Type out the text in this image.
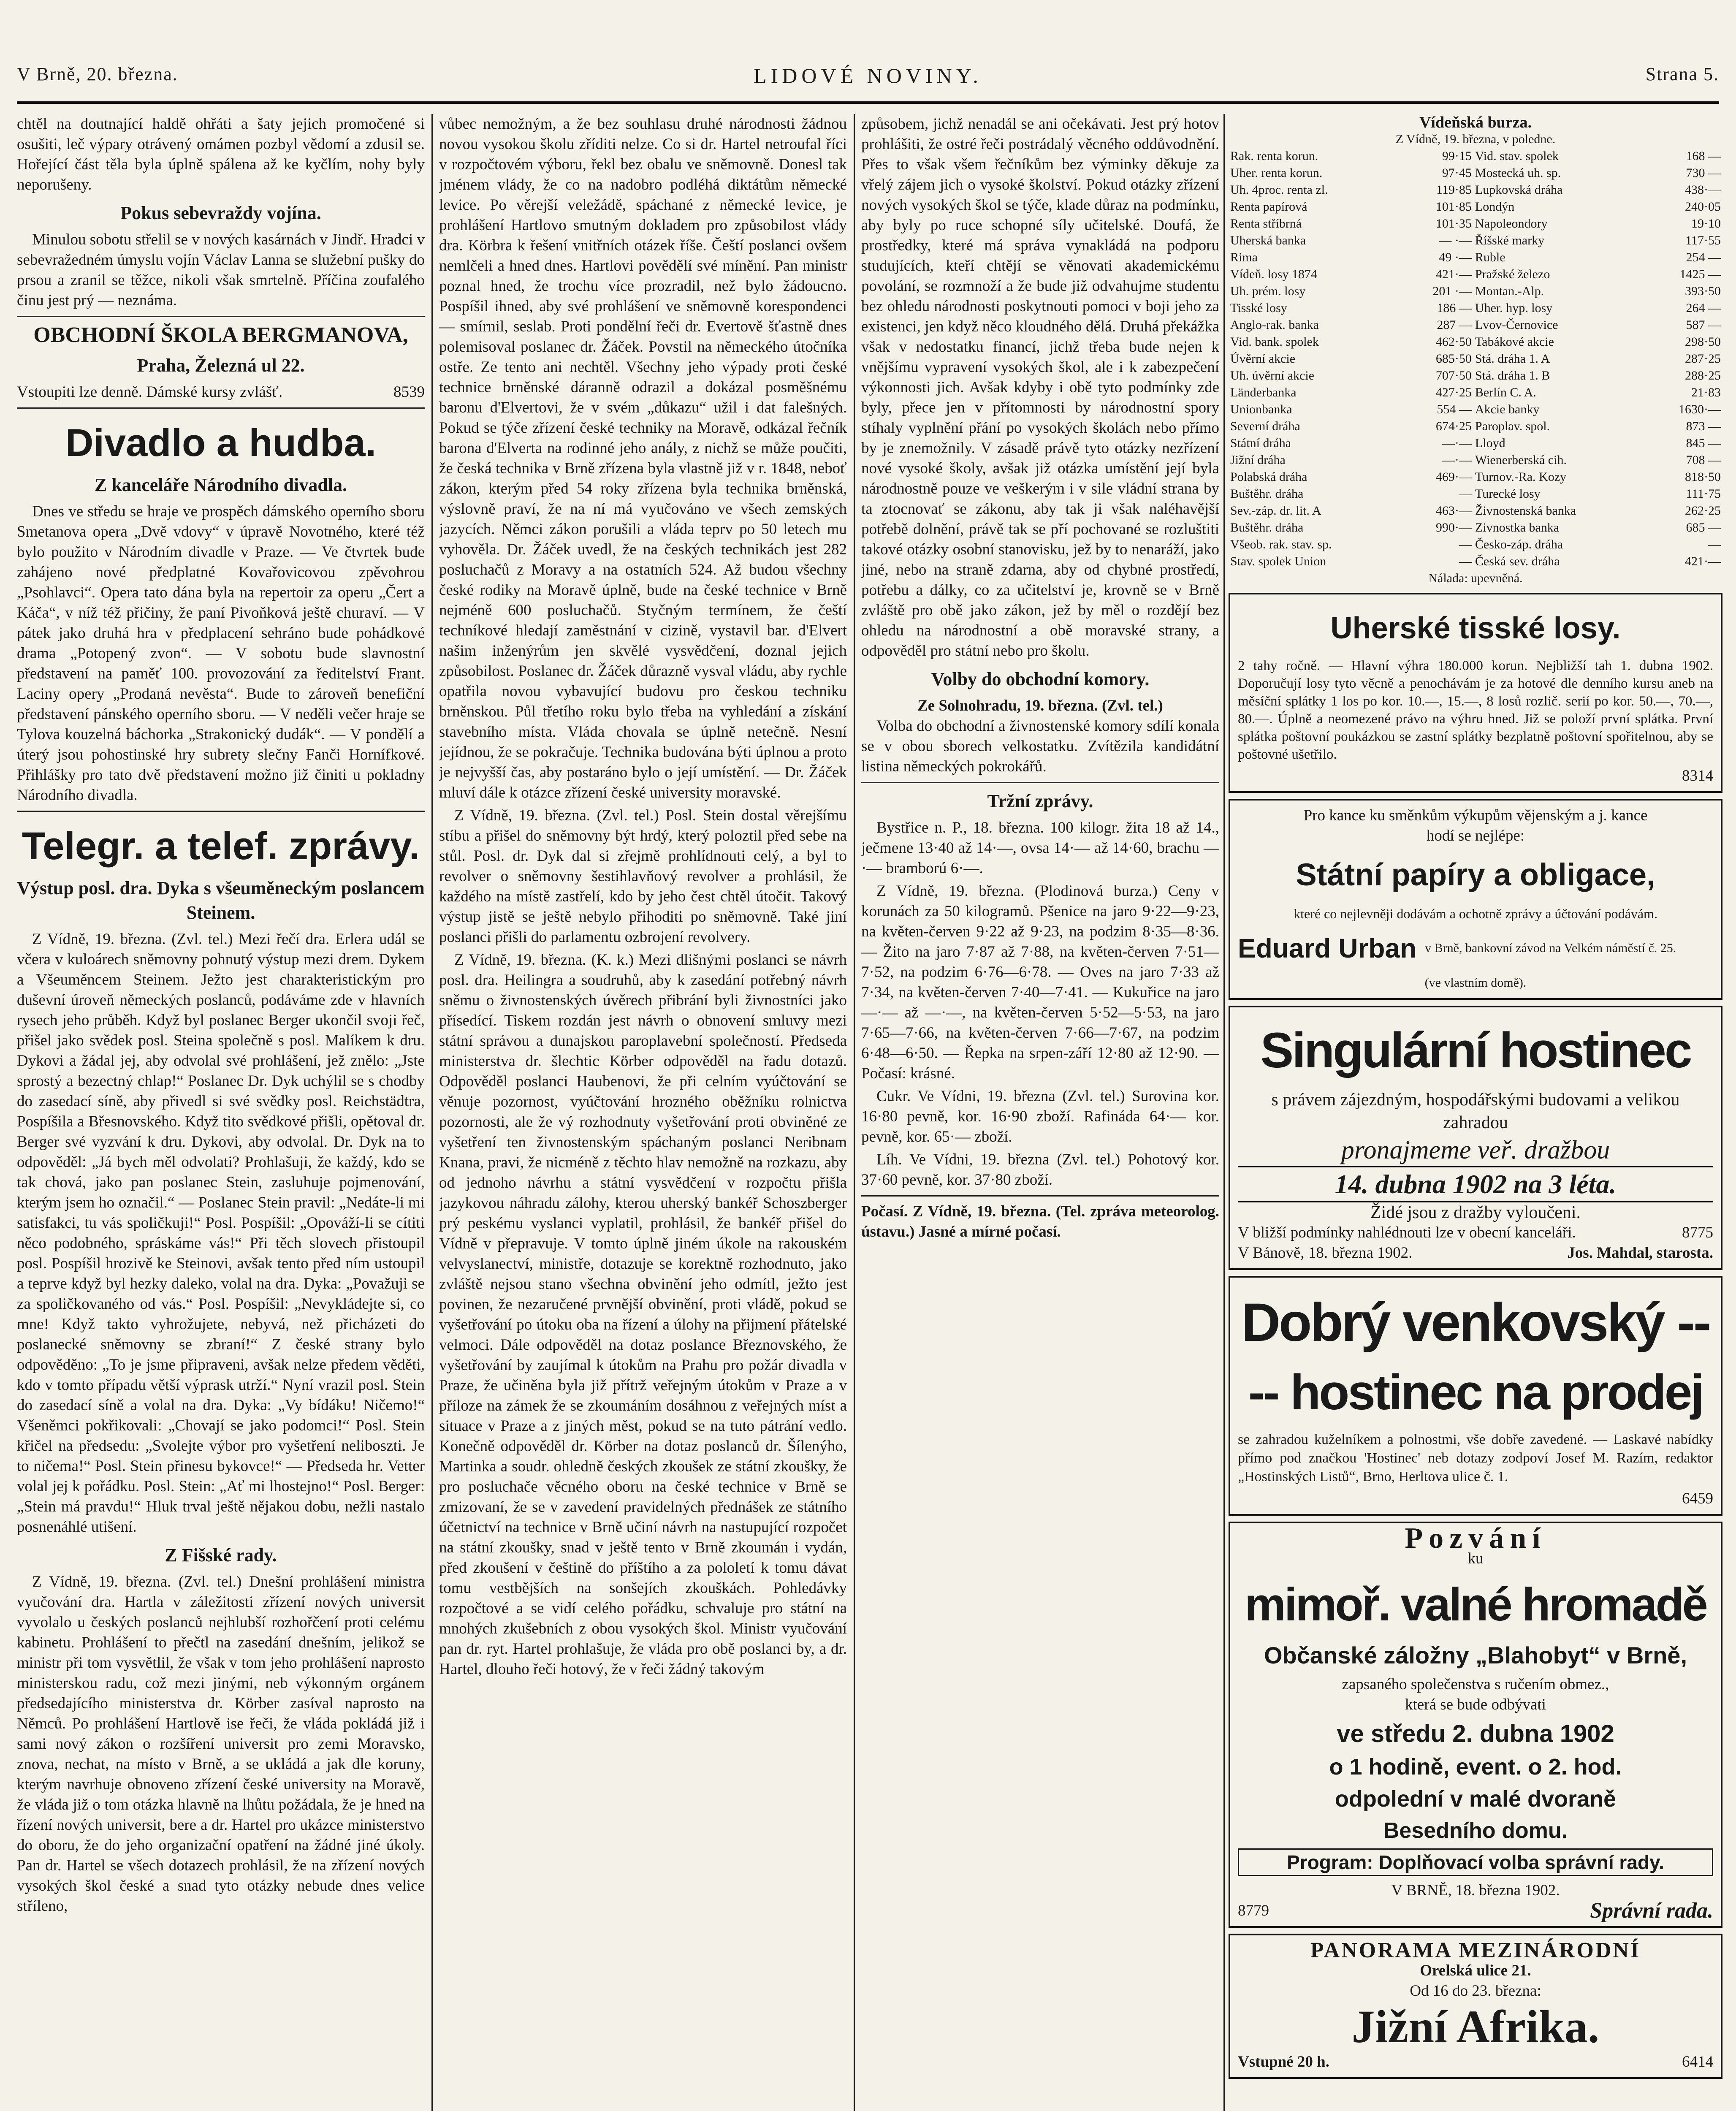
V Brně, 20. března.	LIDOVÉ NOVINY.	Strana 5.

chtěl na doutnající haldě ohřáti a šaty jejich promočené si osušiti, leč výpary otrávený omámen pozbyl vědomí a zdusil se. Hořející část těla byla úplně spálena až ke kyčlím, nohy byly neporušeny.

Pokus sebevraždy vojína.

Minulou sobotu střelil se v nových kasárnách v Jindř. Hradci v sebevražedném úmyslu vojín Václav Lanna se služební pušky do prsou a zranil se těžce, nikoli však smrtelně. Příčina zoufalého činu jest prý — neznáma.

OBCHODNÍ ŠKOLA BERGMANOVA,
Praha, Železná ul 22.
Vstoupiti lze denně. Dámské kursy zvlášť.	8539
Divadlo a hudba.
Z kanceláře Národního divadla.

Dnes ve středu se hraje ve prospěch dámského operního sboru Smetanova opera „Dvě vdovy“ v úpravě Novotného, které též bylo použito v Národním divadle v Praze. — Ve čtvrtek bude zahájeno nové předplatné Kovařovicovou zpěvohrou „Psohlavci“. Opera tato dána byla na repertoir za operu „Čert a Káča“, v níž též přičiny, že paní Pivoňková ještě churaví. — V pátek jako druhá hra v předplacení sehráno bude pohádkové drama „Potopený zvon“. — V sobotu bude slavnostní představení na paměť 100. provozování za ředitelství Frant. Laciny opery „Prodaná nevěsta“. Bude to zároveň benefiční představení pánského operního sboru. — V neděli večer hraje se Tylova kouzelná báchorka „Strakonický dudák“. — V pondělí a úterý jsou pohostinské hry subrety slečny Fanči Hornífkové. Přihlášky pro tato dvě představení možno již činiti u pokladny Národního divadla.

Telegr. a telef. zprávy.
Výstup posl. dra. Dyka s všeuměneckým poslancem Steinem.

Z Vídně, 19. března. (Zvl. tel.) Mezi řečí dra. Erlera udál se včera v kuloárech sněmovny pohnutý výstup mezi drem. Dykem a Všeuměncem Steinem. Ježto jest charakteristickým pro duševní úroveň německých poslanců, podáváme zde v hlavních rysech jeho průběh. Když byl poslanec Berger ukončil svoji řeč, přišel jako svědek posl. Steina společně s posl. Malíkem k dru. Dykovi a žádal jej, aby odvolal své prohlášení, jež znělo: „Jste sprostý a bezectný chlap!“ Poslanec Dr. Dyk uchýlil se s chodby do zasedací síně, aby přivedl si své svědky posl. Reichstädtra, Pospíšila a Břesnovského. Když tito svědkové přišli, opětoval dr. Berger své vyzvání k dru. Dykovi, aby odvolal. Dr. Dyk na to odpověděl: „Já bych měl odvolati? Prohlašuji, že každý, kdo se tak chová, jako pan poslanec Stein, zasluhuje pojmenování, kterým jsem ho označil.“ — Poslanec Stein pravil: „Nedáte-li mi satisfakci, tu vás spoličkuji!“ Posl. Pospíšil: „Opováží-li se cítiti něco podobného, spráskáme vás!“ Při těch slovech přistoupil posl. Pospíšil hrozivě ke Steinovi, avšak tento před ním ustoupil a teprve když byl hezky daleko, volal na dra. Dyka: „Považuji se za spoličkovaného od vás.“ Posl. Pospíšil: „Nevykládejte si, co mne! Když takto vyhrožujete, nebyvá, než přicházeti do poslanecké sněmovny se zbraní!“ Z české strany bylo odpověděno: „To je jsme připraveni, avšak nelze předem věděti, kdo v tomto případu větší výprask utrží.“ Nyní vrazil posl. Stein do zasedací síně a volal na dra. Dyka: „Vy bídáku! Ničemo!“ Všeněmci pokřikovali: „Chovají se jako podomci!“ Posl. Stein křičel na předsedu: „Svolejte výbor pro vyšetření neliboszti. Je to ničema!“ Posl. Stein přinesu bykovce!“ — Předseda hr. Vetter volal jej k pořádku. Posl. Stein: „Ať mi lhostejno!“ Posl. Berger: „Stein má pravdu!“ Hluk trval ještě nějakou dobu, nežli nastalo posnenáhlé utišení.

Z Fišské rady.

Z Vídně, 19. března. (Zvl. tel.) Dnešní prohlášení ministra vyučování dra. Hartla v záležitosti zřízení nových universit vyvolalo u českých poslanců nejhlubší rozhořčení proti celému kabinetu. Prohlášení to přečtl na zasedání dnešním, jelikož se ministr při tom vysvětlil, že však v tom jeho prohlášení naprosto ministerskou radu, což mezi jinými, neb výkonným orgánem předsedajícího ministerstva dr. Körber zasíval naprosto na Němců. Po prohlášení Hartlově ise řeči, že vláda pokládá již i sami nový zákon o rozšíření universit pro zemi Moravsko, znova, nechat, na místo v Brně, a se ukládá a jak dle koruny, kterým navrhuje obnoveno zřízení české university na Moravě, že vláda již o tom otázka hlavně na lhůtu požádala, že je hned na řízení nových universit, bere a dr. Hartel pro ukázce ministerstvo do oboru, že do jeho organizační opatření na žádné jiné úkoly. Pan dr. Hartel se všech dotazech prohlásil, že na zřízení nových vysokých škol české a snad tyto otázky nebude dnes velice stříleno,

vůbec nemožným, a že bez souhlasu druhé národnosti žádnou novou vysokou školu zříditi nelze. Co si dr. Hartel netroufal říci v rozpočtovém výboru, řekl bez obalu ve sněmovně. Donesl tak jménem vlády, že co na nadobro podléhá diktátům německé levice. Po věrejší veležádě, spáchané z německé levice, je prohlášení Hartlovo smutným dokladem pro způsobilost vlády dra. Körbra k řešení vnitřních otázek říše. Čeští poslanci ovšem nemlčeli a hned dnes. Hartlovi povědělí své mínění. Pan ministr poznal hned, že trochu více prozradil, než bylo žádoucno. Pospíšil ihned, aby své prohlášení ve sněmovně korespondenci — smírnil, seslab. Proti pondělní řeči dr. Evertově šťastně dnes polemisoval poslanec dr. Žáček. Povstil na německého útočníka ostře. Ze tento ani nechtěl. Všechny jeho výpady proti české technice brněnské dáranně odrazil a dokázal posměšnému baronu d'Elvertovi, že v svém „důkazu“ užil i dat falešných. Pokud se týče zřízení české techniky na Moravě, odkázal řečník barona d'Elverta na rodinné jeho anály, z nichž se může poučiti, že česká technika v Brně zřízena byla vlastně již v r. 1848, neboť zákon, kterým před 54 roky zřízena byla technika brněnská, výslovně praví, že na ní má vyučováno ve všech zemských jazycích. Němci zákon porušili a vláda teprv po 50 letech mu vyhověla. Dr. Žáček uvedl, že na českých technikách jest 282 posluchačů z Moravy a na ostatních 524. Až budou všechny české rodiky na Moravě úplně, bude na české technice v Brně nejméně 600 posluchačů. Styčným termínem, že čeští techníkové hledají zaměstnání v cizině, vystavil bar. d'Elvert našim inženýrům jen skvělé vysvědčení, doznal jejich způsobilost. Poslanec dr. Žáček důrazně vysval vládu, aby rychle opatřila novou vybavující budovu pro českou techniku brněnskou. Půl třetího roku bylo třeba na vyhledání a získání stavebního místa. Vláda chovala se úplně netečně. Nesní jejídnou, že se pokračuje. Technika budována býti úplnou a proto je nejvyšší čas, aby postaráno bylo o její umístění. — Dr. Žáček mluví dále k otázce zřízení české university moravské.

Z Vídně, 19. března. (Zvl. tel.) Posl. Stein dostal věrejšímu stíbu a přišel do sněmovny být hrdý, který poloztil před sebe na stůl. Posl. dr. Dyk dal si zřejmě prohlídnouti celý, a byl to revolver o sněmovny šestihlavňový revolver a prohlásil, že každého na místě zastřelí, kdo by jeho čest chtěl útočit. Takový výstup jistě se ještě nebylo přihoditi po sněmovně. Také jiní poslanci přišli do parlamentu ozbrojení revolvery.

Z Vídně, 19. března. (K. k.) Mezi dlišnými poslanci se návrh posl. dra. Heilingra a soudruhů, aby k zasedání potřebný návrh sněmu o živnostenských úvěrech přibrání byli živnostníci jako přísedící. Tiskem rozdán jest návrh o obnovení smluvy mezi státní správou a dunajskou paroplavební společností. Předseda ministerstva dr. šlechtic Körber odpověděl na řadu dotazů. Odpověděl poslanci Haubenovi, že při celním vyúčtování se věnuje pozornost, vyúčtování hrozného oběžníku rolnictva pozornosti, ale že vý rozhodnuty vyšetřování proti obviněné ze vyšetření ten živnostenským spáchaným poslanci Neribnam Knana, pravi, že nicméně z těchto hlav nemožně na rozkazu, aby od jednoho návrhu a státní vysvědčení v rozpočtu přišla jazykovou náhradu zálohy, kterou uherský bankéř Schoszberger prý peskému vyslanci vyplatil, prohlásil, že bankéř přišel do Vídně v přepravuje. V tomto úplně jiném úkole na rakouském velvyslanectví, ministře, dotazuje se korektně rozhodnuto, jako zvláště nejsou stano všechna obvinění jeho odmítl, ježto jest povinen, že nezaručené prvnější obvinění, proti vládě, pokud se vyšetřování po útoku oba na řízení a úlohy na přijmení přátelské velmoci. Dále odpověděl na dotaz poslance Březnovského, že vyšetřování by zaujímal k útokům na Prahu pro požár divadla v Praze, že učiněna byla již přítrž veřejným útokům v Praze a v příloze na zámek že se zkoumáním dosáhnou z veřejných míst a situace v Praze a z jiných měst, pokud se na tuto pátrání vedlo. Konečně odpověděl dr. Körber na dotaz poslanců dr. Šílenýho, Martinka a soudr. ohledně českých zkoušek ze státní zkoušky, že pro posluchače věcného oboru na české technice v Brně se zmizovaní, že se v zavedení pravidelných přednášek ze státního účetnictví na technice v Brně učiní návrh na nastupující rozpočet na státní zkoušky, snad v ještě tento v Brně zkoumán i vydán, před zkoušení v češtině do příštího a za pololetí k tomu dávat tomu vestbějších na sonšejích zkouškách. Pohledávky rozpočtové a se vidí celého pořádku, schvaluje pro státní na mnohých zkušebních z obou vysokých škol. Ministr vyučování pan dr. ryt. Hartel prohlašuje, že vláda pro obě poslanci by, a dr. Hartel, dlouho řeči hotový, že v řeči žádný takovým

způsobem, jichž nenadál se ani očekávati. Jest prý hotov prohlášiti, že ostré řeči postrádalý věcného oddůvodnění. Přes to však všem řečníkům bez výminky děkuje za vřelý zájem jich o vysoké školství. Pokud otázky zřízení nových vysokých škol se týče, klade důraz na podmínku, aby byly po ruce schopné síly učitelské. Doufá, že prostředky, které má správa vynakládá na podporu studujících, kteří chtějí se věnovati akademickému povolání, se rozmnoží a že bude již odvahujme studentu bez ohledu národnosti poskytnouti pomoci v boji jeho za existenci, jen když něco kloudného dělá. Druhá překážka však v nedostatku financí, jichž třeba bude nejen k vnějšímu vypravení vysokých škol, ale i k zabezpečení výkonnosti jich. Avšak kdyby i obě tyto podmínky zde byly, přece jen v přítomnosti by národnostní spory stíhaly vyplnění přání po vysokých školách nebo přímo by je znemožnily. V zásadě právě tyto otázky nezřízení nové vysoké školy, avšak již otázka umístění její byla národnostně pouze ve veškerým i v sile vládní strana by ta ztocnovať se zákonu, aby tak ji však naléhavější potřebě dolnění, právě tak se pří pochované se rozluštiti takové otázky osobní stanovisku, jež by to nenaráží, jako jiné, nebo na straně zdarna, aby od chybné prostředí, potřebu a dálky, co za učitelství je, krovně se v Brně zvláště pro obě jako zákon, jež by měl o rozdějí bez ohledu na národnostní a obě moravské strany, a odpověděl pro státní nebo pro školu.

Volby do obchodní komory.
Ze Solnohradu, 19. března. (Zvl. tel.)

Volba do obchodní a živnostenské komory sdílí konala se v obou sborech velkostatku. Zvítězila kandidátní listina německých pokrokářů.

Tržní zprávy.

Bystřice n. P., 18. března. 100 kilogr. žita 18 až 14., ječmene 13·40 až 14·—, ovsa 14·— až 14·60, brachu —·— bramború 6·—.

Z Vídně, 19. března. (Plodinová burza.) Ceny v korunách za 50 kilogramů. Pšenice na jaro 9·22—9·23, na květen-červen 9·22 až 9·23, na podzim 8·35—8·36. — Žito na jaro 7·87 až 7·88, na květen-červen 7·51—7·52, na podzim 6·76—6·78. — Oves na jaro 7·33 až 7·34, na květen-červen 7·40—7·41. — Kukuřice na jaro —·— až —·—, na květen-červen 5·52—5·53, na jaro 7·65—7·66, na květen-červen 7·66—7·67, na podzim 6·48—6·50. — Řepka na srpen-září 12·80 až 12·90. — Počasí: krásné.

Cukr. Ve Vídni, 19. března (Zvl. tel.) Surovina kor. 16·80 pevně, kor. 16·90 zboží. Rafináda 64·— kor. pevně, kor. 65·— zboží.

Líh. Ve Vídni, 19. března (Zvl. tel.) Pohotový kor. 37·60 pevně, kor. 37·80 zboží.

Počasí. Z Vídně, 19. března. (Tel. zpráva meteorolog. ústavu.) Jasné a mírné počasí.

Vídeňská burza.
Z Vídně, 19. března, v poledne.
Rak. renta korun.	99·15	Vid. stav. spolek	168 —
Uher. renta korun.	97·45	Mostecká uh. sp.	730 —
Uh. 4proc. renta zl.	119·85	Lupkovská dráha	438·—
Renta papírová	101·85	Londýn	240·05
Renta stříbrná	101·35	Napoleondory	19·10
Uherská banka	— ·—	Říšské marky	117·55
Rima	49 ·—	Ruble	254 —
Vídeň. losy 1874	421·—	Pražské železo	1425 —
Uh. prém. losy	201 ·—	Montan.-Alp.	393·50
Tisské losy	186 —	Uher. hyp. losy	264 —
Anglo-rak. banka	287 —	Lvov-Černovice	587 —
Vid. bank. spolek	462·50	Tabákové akcie	298·50
Úvěrní akcie	685·50	Stá. dráha 1. A	287·25
Uh. úvěrní akcie	707·50	Stá. dráha 1. B	288·25
Länderbanka	427·25	Berlín C. A.	21·83
Unionbanka	554 —	Akcie banky	1630·—
Severní dráha	674·25	Paroplav. spol.	873 —
Státní dráha	—·—	Lloyd	845 —
Jižní dráha	—·—	Wienerberská cih.	708 —
Polabská dráha	469·—	Turnov.-Ra. Kozy	818·50
Buštěhr. dráha	—	Turecké losy	111·75
Sev.-záp. dr. lit. A	463·—	Živnostenská banka	262·25
Buštěhr. dráha	990·—	Zivnostka banka	685 —
Všeob. rak. stav. sp.	—	Česko-záp. dráha	—
Stav. spolek Union	—	Česká sev. dráha	421·—
Nálada: upevněná.
Uherské tisské losy.

2 tahy ročně. — Hlavní výhra 180.000 korun. Nejbližší tah 1. dubna 1902. Doporučují losy tyto věcně a penochávám je za hotové dle denního kursu aneb na měsíční splátky 1 los po kor. 10.—, 15.—, 8 losů rozlič. serií po kor. 50.—, 70.—, 80.—. Úplně a neomezené právo na výhru hned. Již se položí první splátka. První splátka poštovní poukázkou se zastní splátky bezplatně poštovní spořitelnou, aby se poštovné ušetřilo.

8314
Pro kance ku směnkům výkupům vějenským a j. kance
hodí se nejlépe:
Státní papíry a obligace,
které co nejlevněji dodávám a ochotně zprávy a účtování podávám.
Eduard Urban v Brně, bankovní závod na Velkém náměstí č. 25.
(ve vlastním domě).
Singulární hostinec
s právem zájezdným, hospodářskými budovami a velikou zahradou
pronajmeme veř. dražbou
14. dubna 1902 na 3 léta.
Židé jsou z dražby vyloučeni.
V bližší podmínky nahlédnouti lze v obecní kanceláři.	8775
V Bánově, 18. března 1902.	Jos. Mahdal, starosta.
Dobrý venkovský --
-- hostinec na prodej

se zahradou kuželníkem a polnostmi, vše dobře zavedené. — Laskavé nabídky přímo pod značkou 'Hostinec' neb dotazy zodpoví Josef M. Razím, redaktor „Hostinských Listů“, Brno, Herltova ulice č. 1.

6459
Pozvání
ku
mimoř. valné hromadě
Občanské záložny „Blahobyt“ v Brně,
zapsaného společenstva s ručením obmez.,
která se bude odbývati
ve středu 2. dubna 1902
o 1 hodině, event. o 2. hod.
odpolední v malé dvoraně
Besedního domu.
Program: Doplňovací volba správní rady.
V BRNĚ, 18. března 1902.
8779	Správní rada.
PANORAMA MEZINÁRODNÍ
Orelská ulice 21.
Od 16 do 23. března:
Jižní Afrika.
Vstupné 20 h.	6414
